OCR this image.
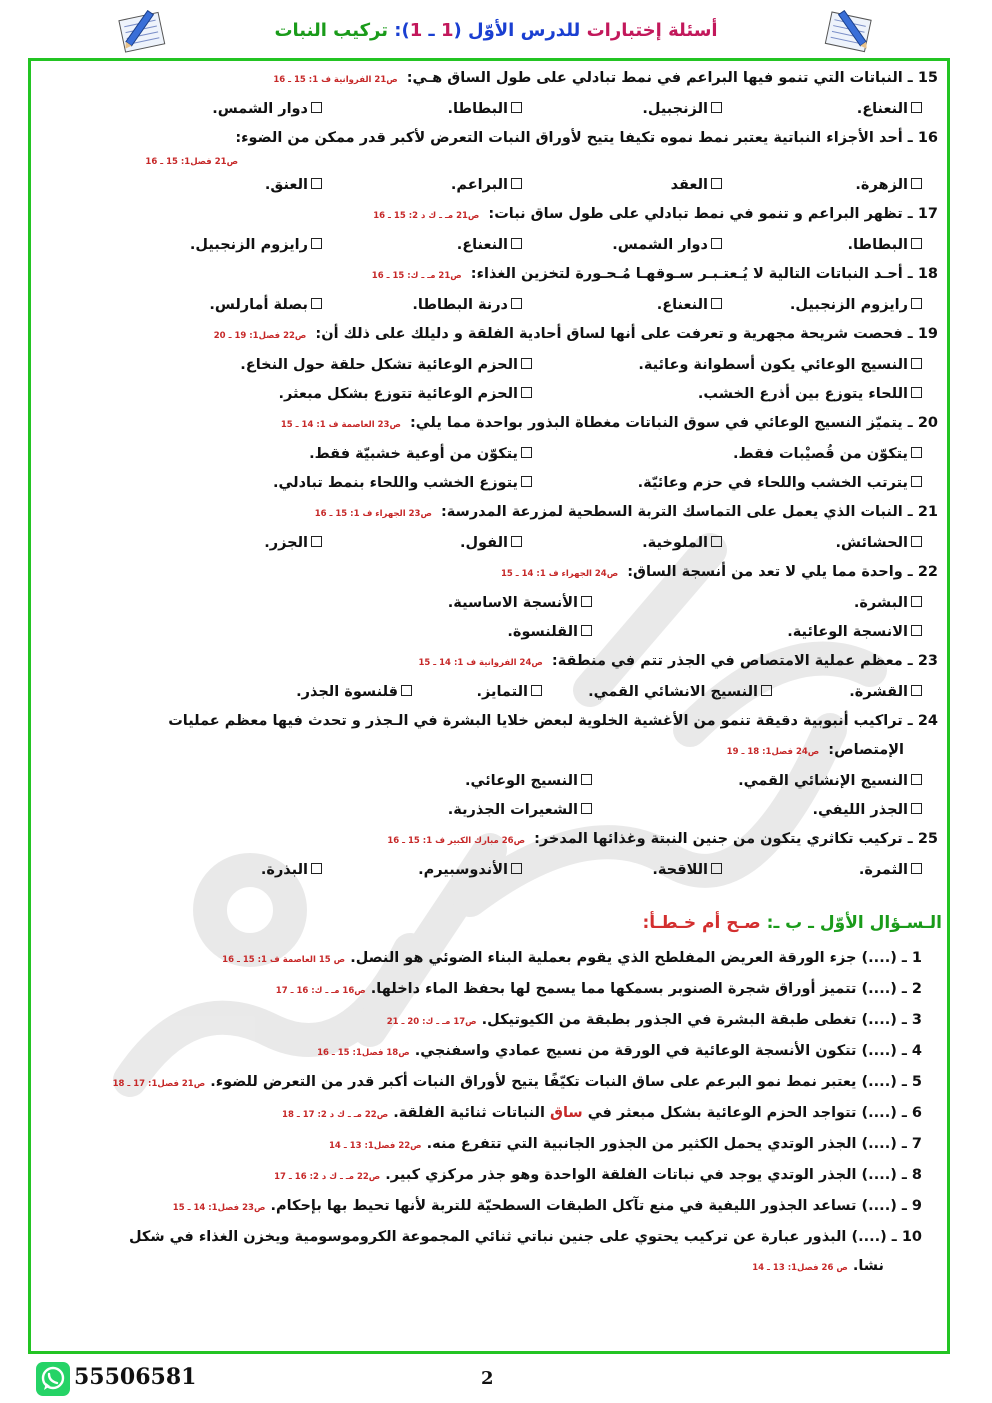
أسئلة إختبارات للدرس الأوّل (1 ـ 1): تركيب النبات
15 ـ النباتات التي تنمو فيها البراعم في نمط تبادلي على طول الساق هـي: ص21 الفروانية ف 1: 15 ـ 16
النعناع.
الزنجبيل.
البطاطا.
دوار الشمس.
16 ـ أحد الأجزاء النباتية يعتبر نمط نموه تكيفا يتيح لأوراق النبات التعرض لأكبر قدر ممكن من الضوء:
ص21 فصل1: 15 ـ 16
الزهرة.
العقد
البراعم.
العنق.
17 ـ تظهر البراعم و تنمو في نمط تبادلي على طول ساق نبات: ص21 مـ ـ ك د 2: 15 ـ 16
البطاطا.
دوار الشمس.
النعناع.
رايزوم الزنجبيل.
18 ـ أحـد النباتات التالية لا يُـعتـبـر سـوقهـا مُـحـورة لتخزين الغذاء: ص21 مـ ـ ك: 15 ـ 16
رايزوم الزنجبيل.
النعناع.
درنة البطاطا.
بصلة أمارلس.
19 ـ فحصت شريحة مجهرية و تعرفت على أنها لساق أحادية الفلقة و دليلك على ذلك أن: ص22 فصل1: 19 ـ 20
النسيج الوعائي يكون أسطوانة وعائية.
الحزم الوعائية تشكل حلقة حول النخاع.
اللحاء يتوزع بين أذرع الخشب.
الحزم الوعائية تتوزع بشكل مبعثر.
20 ـ يتميّز النسيج الوعائي في سوق النباتات مغطاة البذور بواحدة مما يلي: ص23 العاصمة ف 1: 14 ـ 15
يتكوّن من قُصيْبات فقط.
يتكوّن من أوعية خشبيّة فقط.
يترتب الخشب واللحاء في حزم وعائيّة.
يتوزع الخشب واللحاء بنمط تبادلي.
21 ـ النبات الذي يعمل على التماسك التربة السطحية لمزرعة المدرسة: ص23 الجهراء ف 1: 15 ـ 16
الحشائش.
الملوخية.
الفول.
الجزر.
22 ـ واحدة مما يلي لا تعد من أنسجة الساق: ص24 الجهراء ف 1: 14 ـ 15
البشرة.
الأنسجة الاساسية.
الانسجة الوعائية.
القلنسوة.
23 ـ معظم عملية الامتصاص في الجذر تتم في منطقة: ص24 الفروانية ف 1: 14 ـ 15
القشرة.
النسيج الانشائي القمي.
التمايز.
قلنسوة الجذر.
24 ـ تراكيب أنبوبية دقيقة تنمو من الأغشية الخلوية لبعض خلايا البشرة في الـجذر و تحدث فيها معظم عمليات
الإمتصاص: ص24 فصل1: 18 ـ 19
النسيج الإنشائي القمي.
النسيج الوعائي.
الجذر الليفي.
الشعيرات الجذرية.
25 ـ تركيب تكاثري يتكون من جنين النبتة وغذائها المدخر: ص26 مبارك الكبير ف 1: 15 ـ 16
الثمرة.
اللاقحة.
الأندوسبيرم.
البذرة.
الـسـؤال الأوّل ـ ب ـ: صـح أم خـطـأ:
1 ـ (....) جزء الورقة العريض المفلطح الذي يقوم بعملية البناء الضوئي هو النصل. ص 15 العاصمة ف 1: 15 ـ 16
2 ـ (....) تتميز أوراق شجرة الصنوبر بسمكها مما يسمح لها بحفظ الماء داخلها. ص16 مـ ـ ك: 16 ـ 17
3 ـ (....) تغطى طبقة البشرة في الجذور بطبقة من الكيوتيكل. ص17 مـ ـ ك: 20 ـ 21
4 ـ (....) تتكون الأنسجة الوعائية في الورقة من نسيج عمادي واسفنجي. ص18 فصل1: 15 ـ 16
5 ـ (....) يعتبر نمط نمو البرعم على ساق النبات تكيّفًا يتيح لأوراق النبات أكبر قدر من التعرض للضوء. ص21 فصل1: 17 ـ 18
6 ـ (....) تتواجد الحزم الوعائية بشكل مبعثر في ساق النباتات ثنائية الفلقة. ص22 مـ ـ ك د 2: 17 ـ 18
7 ـ (....) الجذر الوتدي يحمل الكثير من الجذور الجانبية التي تتفرع منه. ص22 فصل1: 13 ـ 14
8 ـ (....) الجذر الوتدي يوجد في نباتات الفلقة الواحدة وهو جذر مركزي كبير. ص22 مـ ـ ك د 2: 16 ـ 17
9 ـ (....) تساعد الجذور الليفية في منع تآكل الطبقات السطحيّة للتربة لأنها تحيط بها بإحكام. ص23 فصل1: 14 ـ 15
10 ـ (....) البذور عبارة عن تركيب يحتوي على جنين نباتي ثنائي المجموعة الكروموسومية ويخزن الغذاء في شكل
نشا. ص 26 فصل1: 13 ـ 14
55506581	2
